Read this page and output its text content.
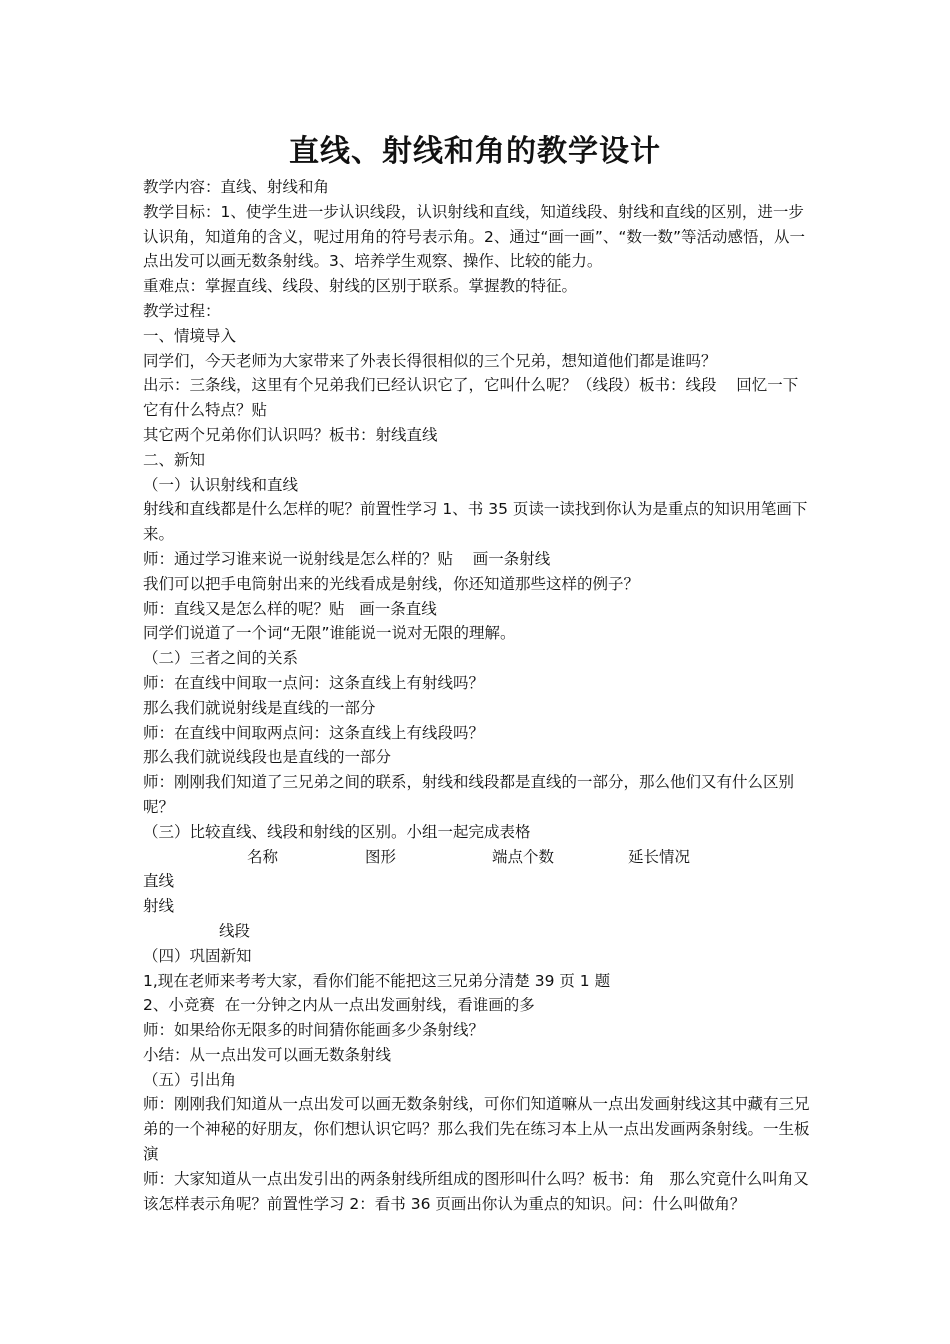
直线、射线和角的教学设计

教学内容：直线、射线和角

教学目标：1、使学生进一步认识线段，认识射线和直线，知道线段、射线和直线的区别，进一步认识角，知道角的含义，呢过用角的符号表示角。2、通过“画一画”、“数一数”等活动感悟，从一点出发可以画无数条射线。3、培养学生观察、操作、比较的能力。

重难点：掌握直线、线段、射线的区别于联系。掌握教的特征。

教学过程：

一、情境导入

同学们，今天老师为大家带来了外表长得很相似的三个兄弟，想知道他们都是谁吗？

出示：三条线，这里有个兄弟我们已经认识它了，它叫什么呢？（线段）板书：线段    回忆一下它有什么特点？贴

其它两个兄弟你们认识吗？板书：射线直线

二、新知

（一）认识射线和直线

射线和直线都是什么怎样的呢？前置性学习 1、书 35 页读一读找到你认为是重点的知识用笔画下来。

师：通过学习谁来说一说射线是怎么样的？贴    画一条射线

我们可以把手电筒射出来的光线看成是射线，你还知道那些这样的例子？

师：直线又是怎么样的呢？贴   画一条直线

同学们说道了一个词“无限”谁能说一说对无限的理解。

（二）三者之间的关系

师：在直线中间取一点问：这条直线上有射线吗？

那么我们就说射线是直线的一部分

师：在直线中间取两点问：这条直线上有线段吗？

那么我们就说线段也是直线的一部分

师：刚刚我们知道了三兄弟之间的联系，射线和线段都是直线的一部分，那么他们又有什么区别呢？

（三）比较直线、线段和射线的区别。小组一起完成表格

名称	图形	端点个数	延长情况

直线

射线

线段

（四）巩固新知

1,现在老师来考考大家，看你们能不能把这三兄弟分清楚 39 页 1 题

2、小竞赛  在一分钟之内从一点出发画射线，看谁画的多

师：如果给你无限多的时间猜你能画多少条射线？

小结：从一点出发可以画无数条射线

（五）引出角

师：刚刚我们知道从一点出发可以画无数条射线，可你们知道嘛从一点出发画射线这其中藏有三兄弟的一个神秘的好朋友，你们想认识它吗？那么我们先在练习本上从一点出发画两条射线。一生板演

师：大家知道从一点出发引出的两条射线所组成的图形叫什么吗？板书：角   那么究竟什么叫角又该怎样表示角呢？前置性学习 2：看书 36 页画出你认为重点的知识。问：什么叫做角？
